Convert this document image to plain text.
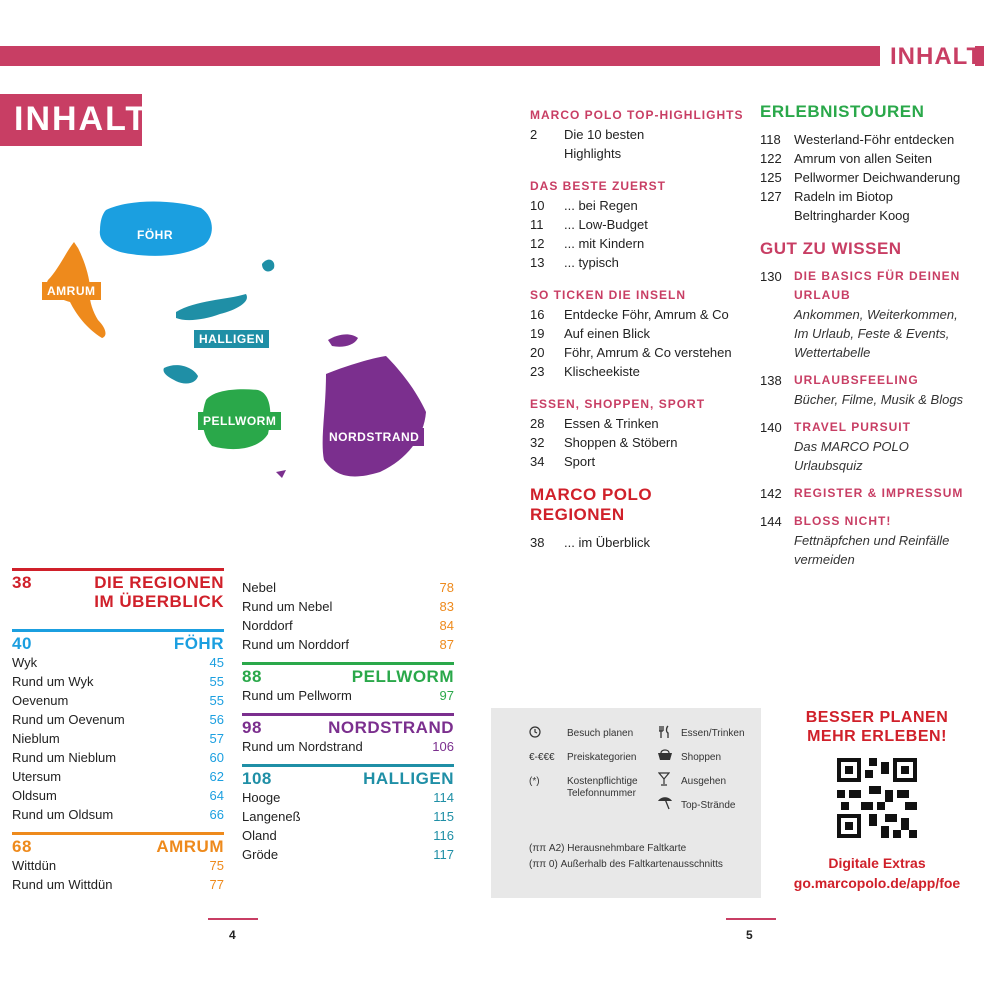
INHALT
INHALT
FÖHR
AMRUM
HALLIGEN
PELLWORM
NORDSTRAND
38	DIE REGIONEN IM ÜBERBLICK
40	FÖHR
Wyk	45
Rund um Wyk	55
Oevenum	55
Rund um Oevenum	56
Nieblum	57
Rund um Nieblum	60
Utersum	62
Oldsum	64
Rund um Oldsum	66
68	AMRUM
Wittdün	75
Rund um Wittdün	77
Nebel	78
Rund um Nebel	83
Norddorf	84
Rund um Norddorf	87
88	PELLWORM
Rund um Pellworm	97
98	NORDSTRAND
Rund um Nordstrand	106
108	HALLIGEN
Hooge	114
Langeneß	115
Oland	116
Gröde	117
MARCO POLO TOP-HIGHLIGHTS
2	Die 10 besten
Highlights
DAS BESTE ZUERST
10	... bei Regen
11	... Low-Budget
12	... mit Kindern
13	... typisch
SO TICKEN DIE INSELN
16	Entdecke Föhr, Amrum & Co
19	Auf einen Blick
20	Föhr, Amrum & Co verstehen
23	Klischeekiste
ESSEN, SHOPPEN, SPORT
28	Essen & Trinken
32	Shoppen & Stöbern
34	Sport
MARCO POLO REGIONEN
38	... im Überblick
ERLEBNISTOUREN
118	Westerland-Föhr entdecken
122 Amrum von allen Seiten
125 Pellwormer Deichwanderung
127 Radeln im Biotop
Beltringharder Koog
GUT ZU WISSEN
130	DIE BASICS FÜR DEINEN
URLAUB
Ankommen, Weiterkommen,
Im Urlaub, Feste & Events,
Wettertabelle
138	URLAUBSFEELING
Bücher, Filme, Musik & Blogs
140	TRAVEL PURSUIT
Das MARCO POLO Urlaubsquiz
142	REGISTER & IMPRESSUM
144	BLOSS NICHT!
Fettnäpfchen und Reinfälle
vermeiden
Besuch planen
€-€€€ Preiskategorien
(*)	Kostenpflichtige
Telefonnummer
Essen/Trinken
Shoppen
Ausgehen
Top-Strände
(ππ A2) Herausnehmbare Faltkarte
(ππ 0) Außerhalb des Faltkartenausschnitts
BESSER PLANEN
MEHR ERLEBEN!
Digitale Extras
go.marcopolo.de/app/foe
4	5
